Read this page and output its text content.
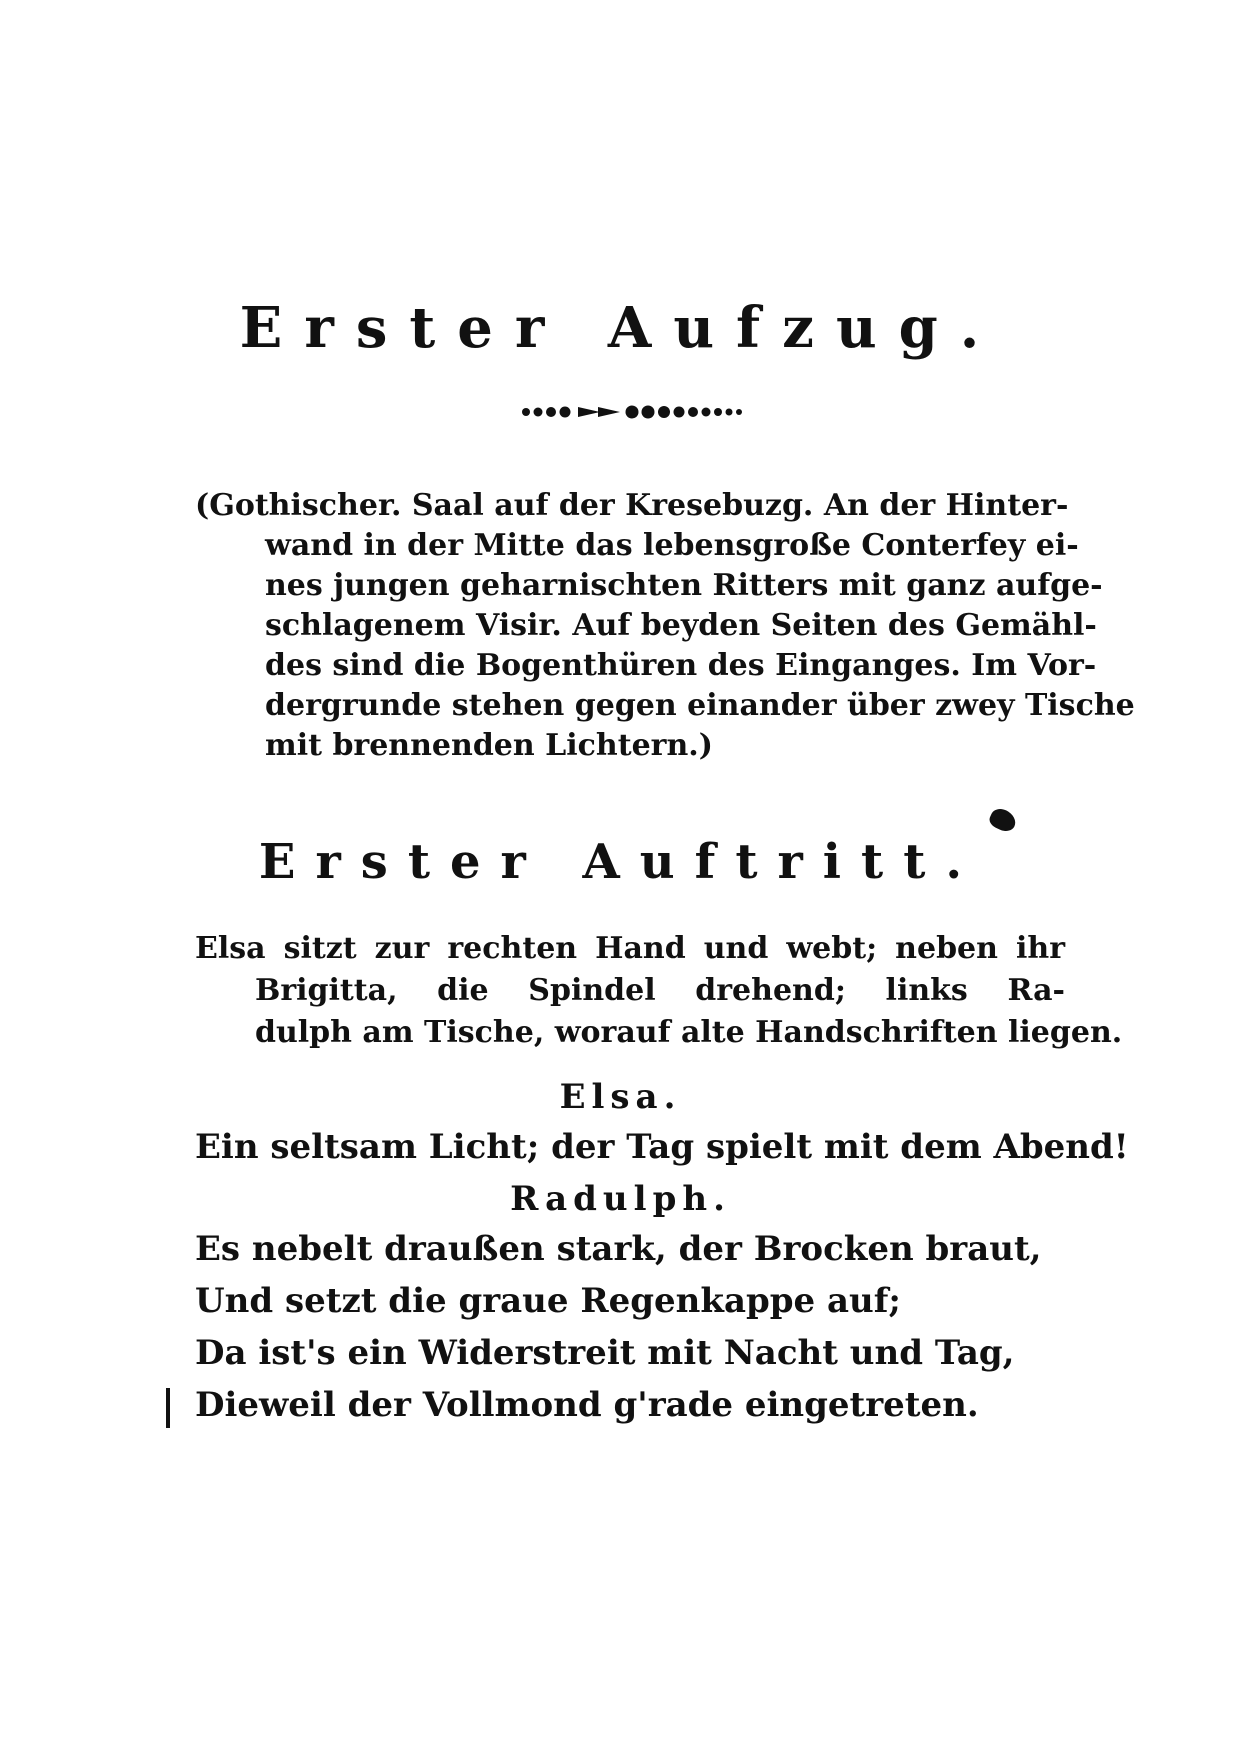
Erster Aufzug.
(Gothischer. Saal auf der Kresebuzg. An der Hinter-
wand in der Mitte das lebensgroße Conterfey ei-
nes jungen geharnischten Ritters mit ganz aufge-
schlagenem Visir. Auf beyden Seiten des Gemähl-
des sind die Bogenthüren des Einganges. Im Vor-
dergrunde stehen gegen einander über zwey Tische
mit brennenden Lichtern.)
Erster Auftritt.
Elsa sitzt zur rechten Hand und webt; neben ihr
Brigitta, die Spindel drehend; links Ra-
dulph am Tische, worauf alte Handschriften liegen.
Elsa.
Ein seltsam Licht; der Tag spielt mit dem Abend!
Radulph.
Es nebelt draußen stark, der Brocken braut,
Und setzt die graue Regenkappe auf;
Da ist's ein Widerstreit mit Nacht und Tag,
Dieweil der Vollmond g'rade eingetreten.
